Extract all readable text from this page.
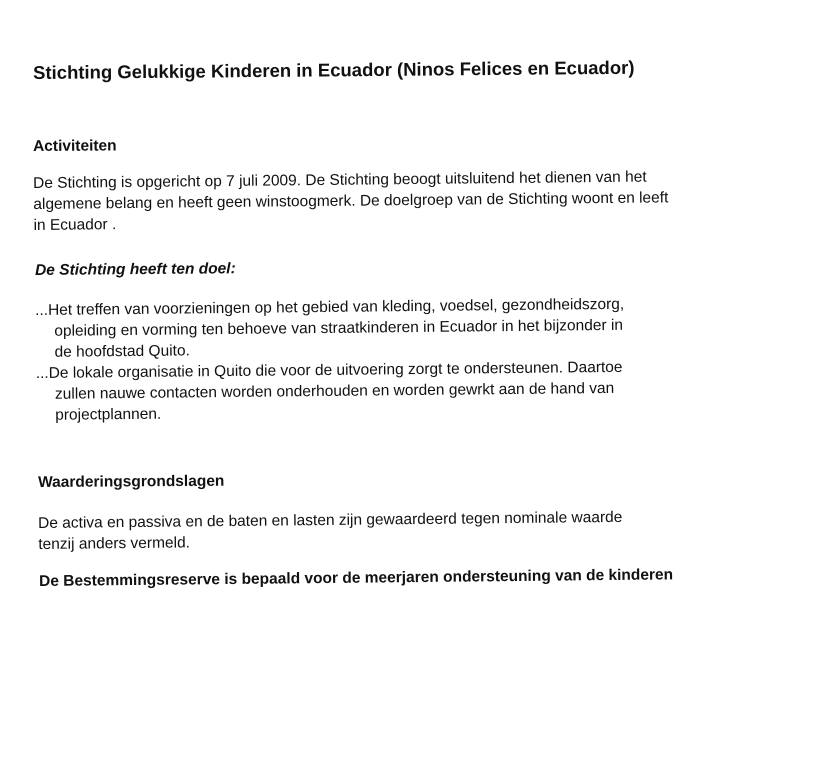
Stichting Gelukkige Kinderen in Ecuador (Ninos Felices en Ecuador)
Activiteiten
De Stichting is opgericht op 7 juli 2009. De Stichting beoogt uitsluitend het dienen van het
algemene belang en heeft geen winstoogmerk. De doelgroep van de Stichting woont en leeft
in Ecuador .
De Stichting heeft ten doel:
...Het treffen van voorzieningen op het gebied van kleding, voedsel, gezondheidszorg,
opleiding en vorming ten behoeve van straatkinderen in Ecuador in het bijzonder in
de hoofdstad Quito.
...De lokale organisatie in Quito die voor de uitvoering zorgt te ondersteunen. Daartoe
zullen nauwe contacten worden onderhouden en worden gewrkt aan de hand van
projectplannen.
Waarderingsgrondslagen
De activa en passiva en de baten en lasten zijn gewaardeerd tegen nominale waarde
tenzij anders vermeld.
De Bestemmingsreserve is bepaald voor de meerjaren ondersteuning van de kinderen
